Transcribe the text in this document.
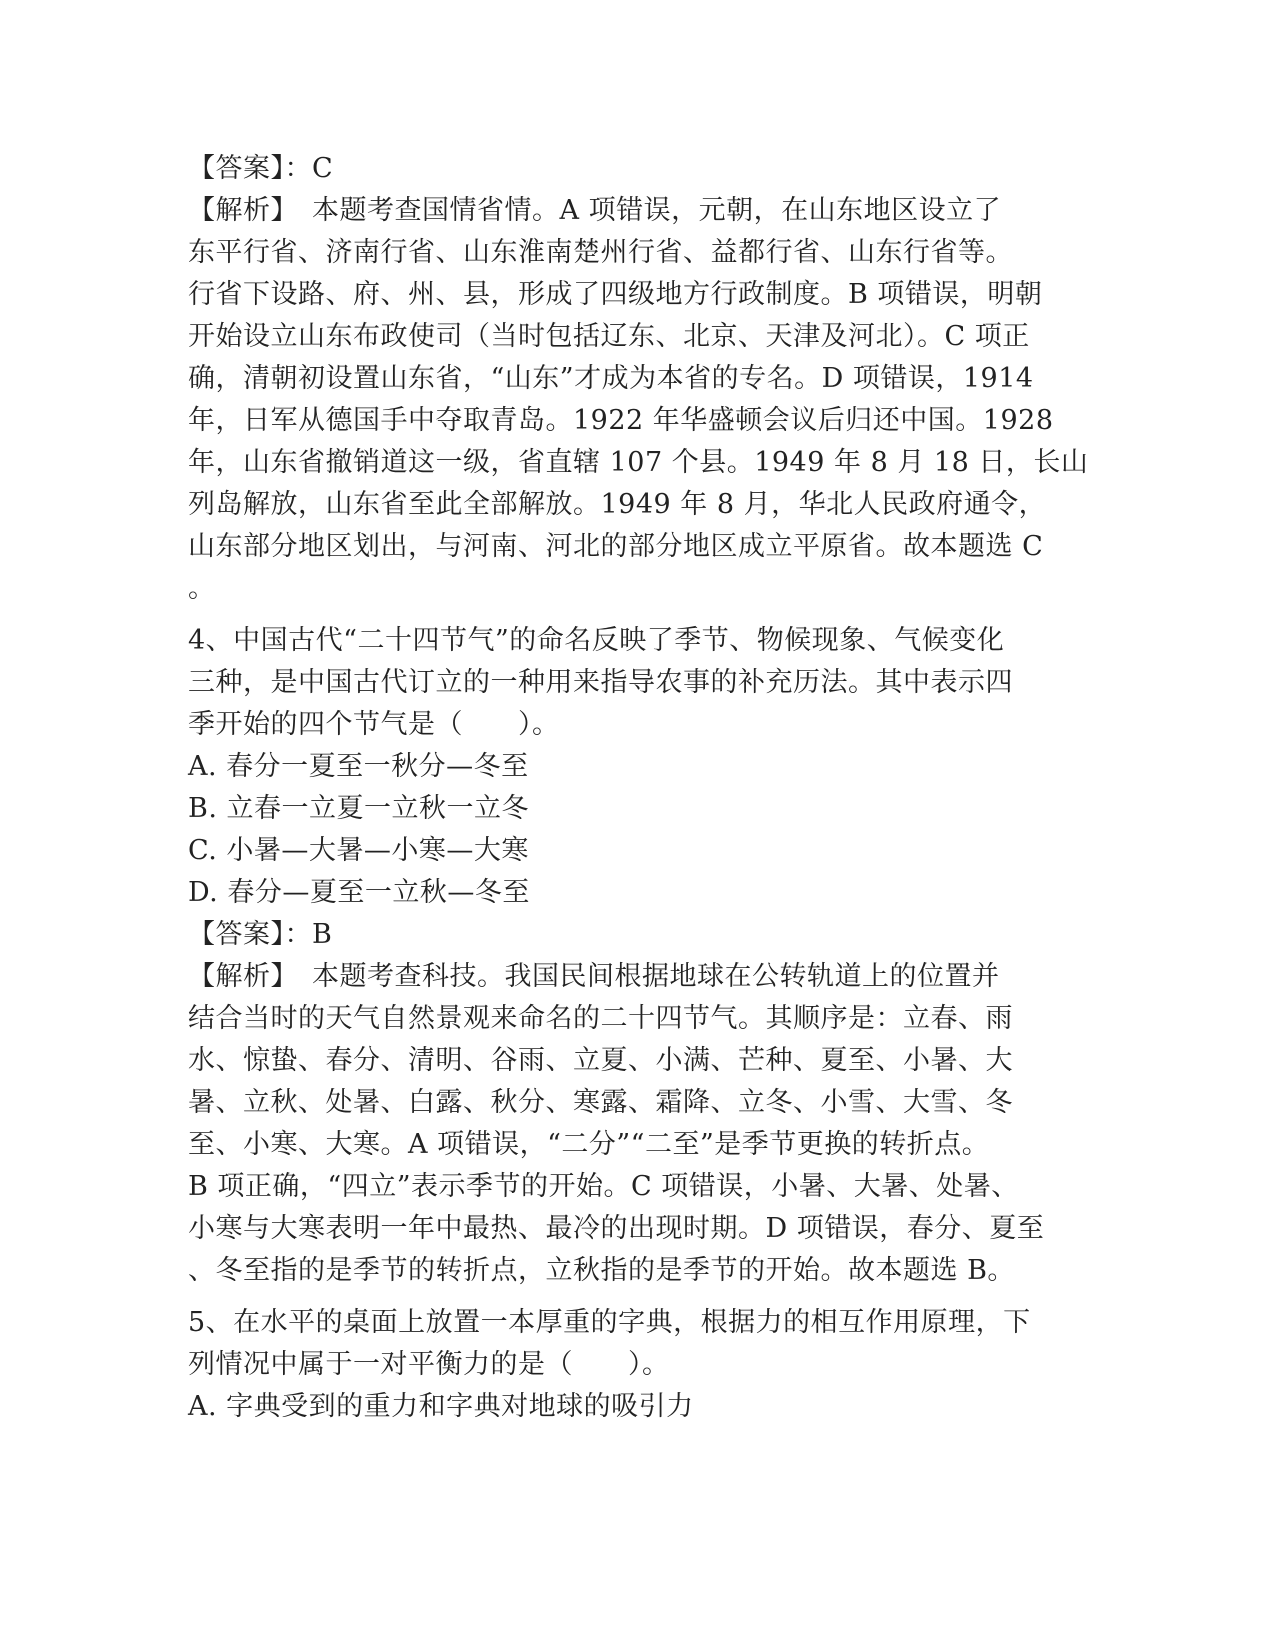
【答案】：C
【解析】　本题考查国情省情。A 项错误，元朝，在山东地区设立了
东平行省、济南行省、山东淮南楚州行省、益都行省、山东行省等。
行省下设路、府、州、县，形成了四级地方行政制度。B 项错误，明朝
开始设立山东布政使司（当时包括辽东、北京、天津及河北）。C 项正
确，清朝初设置山东省，“山东”才成为本省的专名。D 项错误，1914
年，日军从德国手中夺取青岛。1922 年华盛顿会议后归还中国。1928
年，山东省撤销道这一级，省直辖 107 个县。1949 年 8 月 18 日，长山
列岛解放，山东省至此全部解放。1949 年 8 月，华北人民政府通令，
山东部分地区划出，与河南、河北的部分地区成立平原省。故本题选 C
。
4、中国古代“二十四节气”的命名反映了季节、物候现象、气候变化
三种，是中国古代订立的一种用来指导农事的补充历法。其中表示四
季开始的四个节气是（　　）。
A. 春分一夏至一秋分—冬至
B. 立春一立夏一立秋一立冬
C. 小暑—大暑—小寒—大寒
D. 春分—夏至一立秋—冬至
【答案】：B
【解析】　本题考查科技。我国民间根据地球在公转轨道上的位置并
结合当时的天气自然景观来命名的二十四节气。其顺序是：立春、雨
水、惊蛰、春分、清明、谷雨、立夏、小满、芒种、夏至、小暑、大
暑、立秋、处暑、白露、秋分、寒露、霜降、立冬、小雪、大雪、冬
至、小寒、大寒。A 项错误，“二分”“二至”是季节更换的转折点。
B 项正确，“四立”表示季节的开始。C 项错误，小暑、大暑、处暑、
小寒与大寒表明一年中最热、最冷的出现时期。D 项错误，春分、夏至
、冬至指的是季节的转折点，立秋指的是季节的开始。故本题选 B。
5、在水平的桌面上放置一本厚重的字典，根据力的相互作用原理，下
列情况中属于一对平衡力的是（　　）。
A. 字典受到的重力和字典对地球的吸引力
